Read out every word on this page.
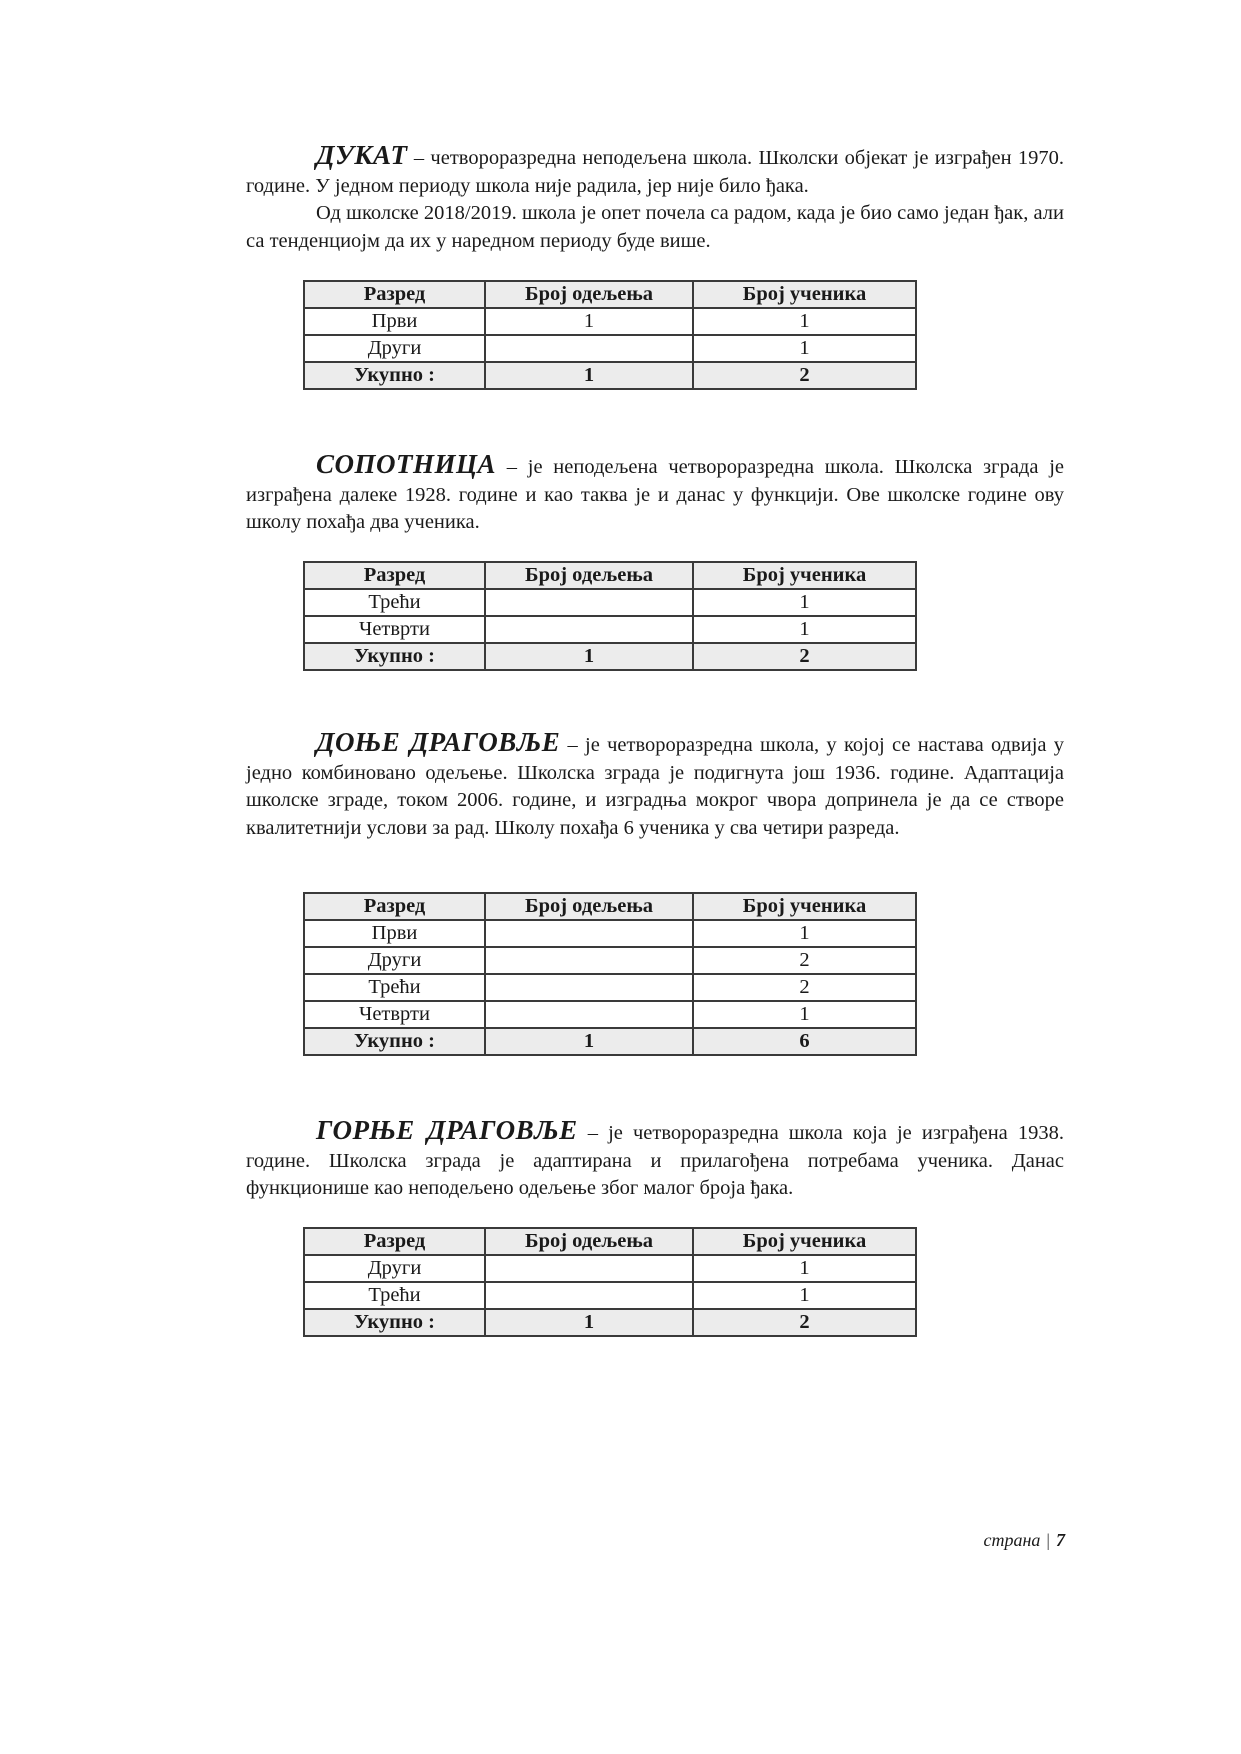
ДУКАТ – четвороразредна неподељена школа. Школски објекат је изграђен 1970. године. У једном периоду школа није радила, јер није било ђака.

Од школске 2018/2019. школа је опет почела са радом, када је био само један ђак, али са тенденциојм да их у наредном периоду буде више.

Разред	Број одељења	Број ученика
Први	1	1
Други		1
Укупно :	1	2

СОПОТНИЦА – је неподељена четвороразредна школа. Школска зграда је изграђена далеке 1928. године и као таква је и данас у функцији. Ове школске године ову школу похађа два ученика.

Разред	Број одељења	Број ученика
Трећи		1
Четврти		1
Укупно :	1	2

ДОЊЕ ДРАГОВЉЕ – је четвороразредна школа, у којој се настава одвија у једно комбиновано одељење. Школска зграда је подигнута још 1936. године. Адаптација школске зграде, током 2006. године, и изградња мокрог чвора допринела је да се створе квалитетнији услови за рад. Школу похађа 6 ученика у сва четири разреда.

Разред	Број одељења	Број ученика
Први		1
Други		2
Трећи		2
Четврти		1
Укупно :	1	6

ГОРЊЕ ДРАГОВЉЕ – је четвороразредна школа која је изграђена 1938. године. Школска зграда је адаптирана и прилагођена потребама ученика. Данас функционише као неподељено одељење због малог броја ђака.

Разред	Број одељења	Број ученика
Други		1
Трећи		1
Укупно :	1	2
страна | 7
